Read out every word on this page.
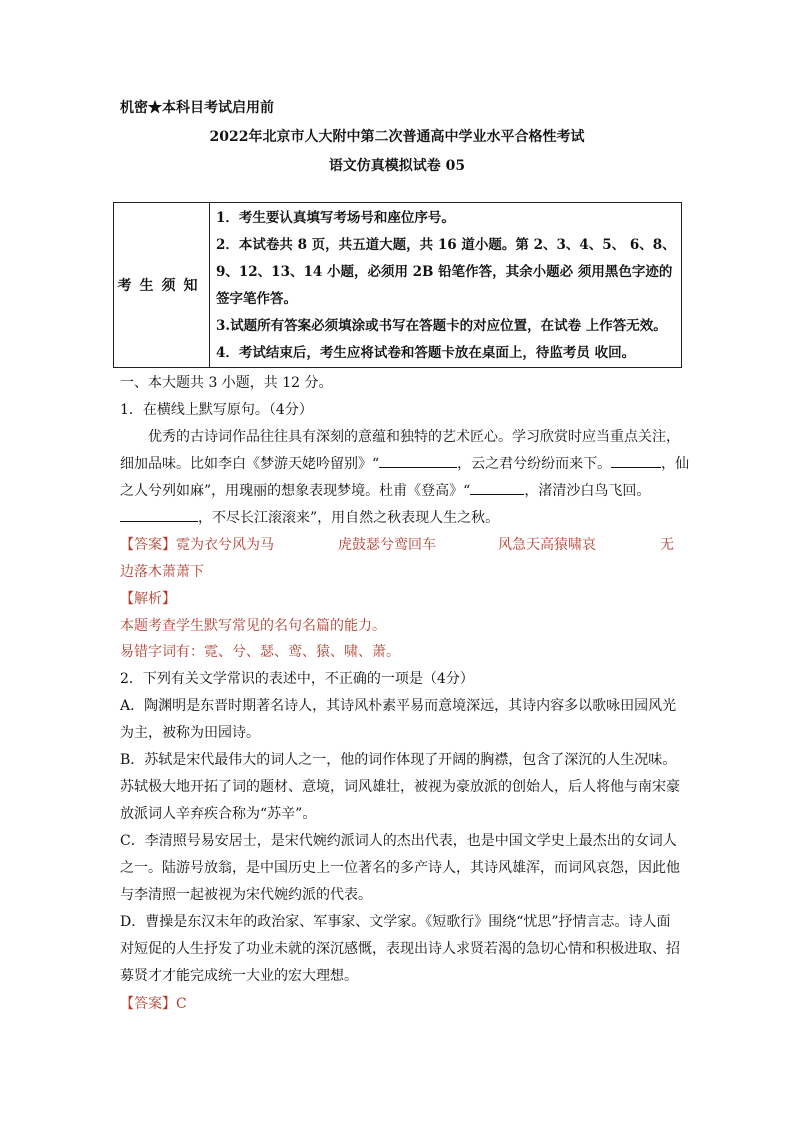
机密★本科目考试启用前
2022年北京市人大附中第二次普通高中学业水平合格性考试
语文仿真模拟试卷 05
考生须知	
1．考生要认真填写考场号和座位序号。
2．本试卷共 8 页，共五道大题，共 16 道小题。第 2、3、4、5、 6、8、
9、12、13、14 小题，必须用 2B 铅笔作答，其余小题必 须用黑色字迹的
签字笔作答。
3.试题所有答案必须填涂或书写在答题卡的对应位置，在试卷 上作答无效。
4．考试结束后，考生应将试卷和答题卡放在桌面上，待监考员 收回。
一、本大题共 3 小题，共 12 分。
1．在横线上默写原句。（4分）
优秀的古诗词作品往往具有深刻的意蕴和独特的艺术匠心。学习欣赏时应当重点关注，
细加品味。比如李白《梦游天姥吟留别》“	，云之君兮纷纷而来下。	，仙
之人兮列如麻”，用瑰丽的想象表现梦境。杜甫《登高》“	，渚清沙白鸟飞回。
，不尽长江滚滚来”，用自然之秋表现人生之秋。
【答案】 霓为衣兮风为马	虎鼓瑟兮鸾回车	风急天高猿啸哀	无
边落木萧萧下
【解析】
本题考查学生默写常见的名句名篇的能力。
易错字词有：霓、兮、瑟、鸾、猿、啸、萧。
2．下列有关文学常识的表述中，不正确的一项是（4分）
A．陶渊明是东晋时期著名诗人，其诗风朴素平易而意境深远，其诗内容多以歌咏田园风光
为主，被称为田园诗。
B．苏轼是宋代最伟大的词人之一，他的词作体现了开阔的胸襟，包含了深沉的人生况味。
苏轼极大地开拓了词的题材、意境，词风雄壮，被视为豪放派的创始人，后人将他与南宋豪
放派词人辛弃疾合称为“苏辛”。
C．李清照号易安居士，是宋代婉约派词人的杰出代表，也是中国文学史上最杰出的女词人
之一。陆游号放翁，是中国历史上一位著名的多产诗人，其诗风雄浑，而词风哀怨，因此他
与李清照一起被视为宋代婉约派的代表。
D．曹操是东汉末年的政治家、军事家、文学家。《短歌行》围绕“忧思”抒情言志。诗人面
对短促的人生抒发了功业未就的深沉感慨，表现出诗人求贤若渴的急切心情和积极进取、招
募贤才才能完成统一大业的宏大理想。
【答案】C
